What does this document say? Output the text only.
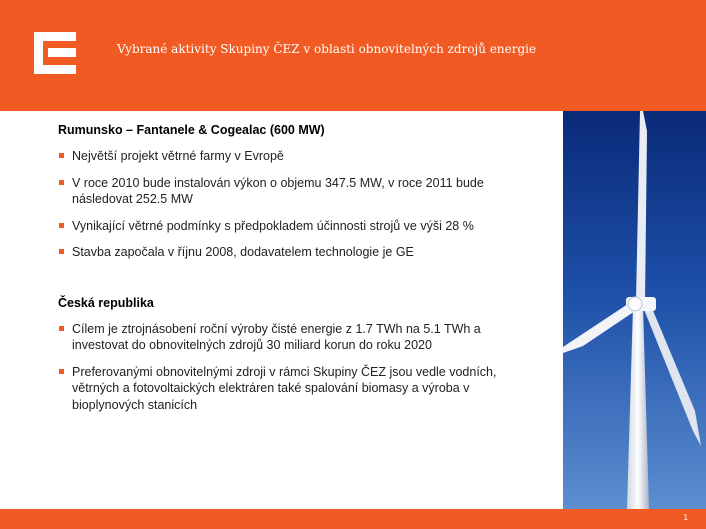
Vybrané aktivity Skupiny ČEZ v oblasti obnovitelných zdrojů energie

Rumunsko – Fantanele & Cogealac (600 MW)

Největší projekt větrné farmy v Evropě
V roce 2010 bude instalován výkon o objemu 347.5 MW, v roce 2011 bude následovat 252.5 MW
Vynikající větrné podmínky s předpokladem účinnosti strojů ve výši 28 %
Stavba započala v říjnu 2008, dodavatelem technologie je GE

Česká republika

Cílem je ztrojnásobení roční výroby čisté energie z 1.7 TWh na 5.1 TWh a investovat do obnovitelných zdrojů 30 miliard korun do roku 2020
Preferovanými obnovitelnými zdroji v rámci Skupiny ČEZ jsou vedle vodních, větrných a fotovoltaických elektráren také spalování biomasy a výroba v bioplynových stanicích
1
